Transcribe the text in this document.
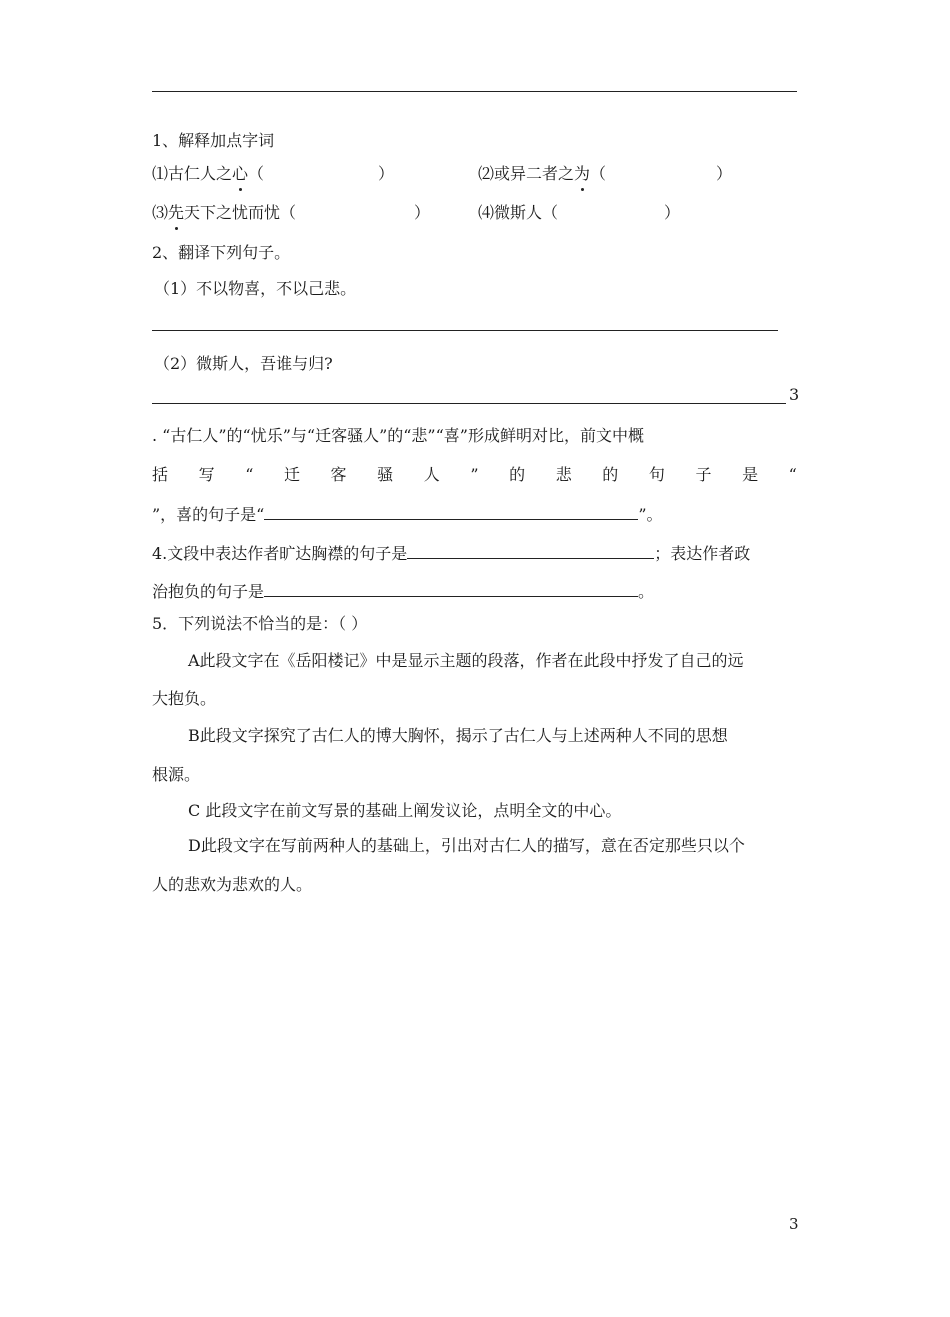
1、解释加点字词
⑴古仁人之心（	）	⑵或异二者之为（	）
⑶先天下之忧而忧（	）	⑷微斯人（	）
2、翻译下列句子。
（1）不以物喜，不以己悲。
（2）微斯人，吾谁与归?
3
. “古仁人”的“忧乐”与“迁客骚人”的“悲”“喜”形成鲜明对比，前文中概
括 写 “ 迁 客 骚 人 ” 的 悲 的 句 子 是 “
”，喜的句子是“	”。
4.文段中表达作者旷达胸襟的句子是	；表达作者政
治抱负的句子是	。
5．下列说法不恰当的是：（ ）
A此段文字在《岳阳楼记》中是显示主题的段落，作者在此段中抒发了自己的远
大抱负。
B此段文字探究了古仁人的博大胸怀，揭示了古仁人与上述两种人不同的思想
根源。
C 此段文字在前文写景的基础上阐发议论，点明全文的中心。
D此段文字在写前两种人的基础上，引出对古仁人的描写，意在否定那些只以个
人的悲欢为悲欢的人。
3
